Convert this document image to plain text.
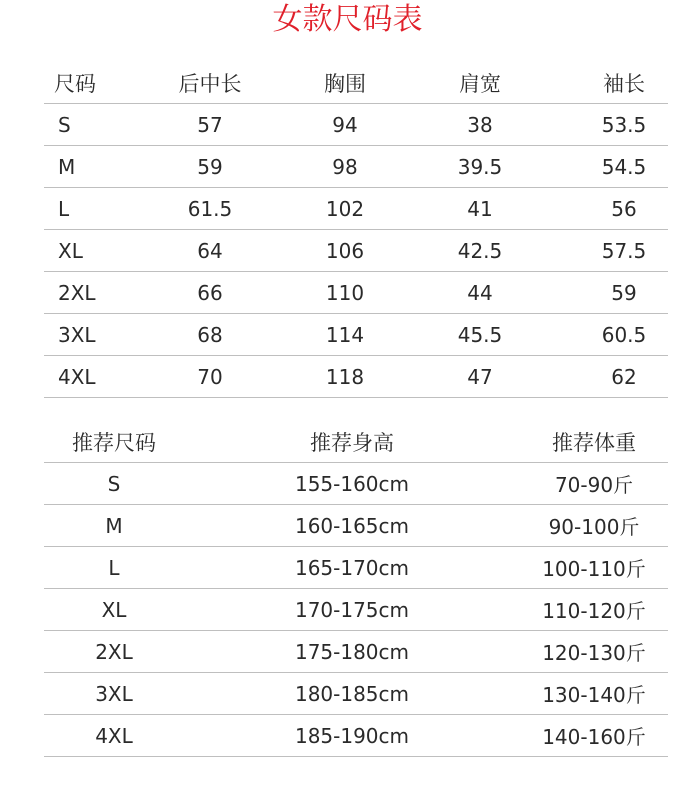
女款尺码表
尺码	后中长	胸围	肩宽	袖长
S	57	94	38	53.5
M	59	98	39.5	54.5
L	61.5	102	41	56
XL	64	106	42.5	57.5
2XL	66	110	44	59
3XL	68	114	45.5	60.5
4XL	70	118	47	62
推荐尺码	推荐身高	推荐体重
S	155-160cm	70-90斤
M	160-165cm	90-100斤
L	165-170cm	100-110斤
XL	170-175cm	110-120斤
2XL	175-180cm	120-130斤
3XL	180-185cm	130-140斤
4XL	185-190cm	140-160斤
